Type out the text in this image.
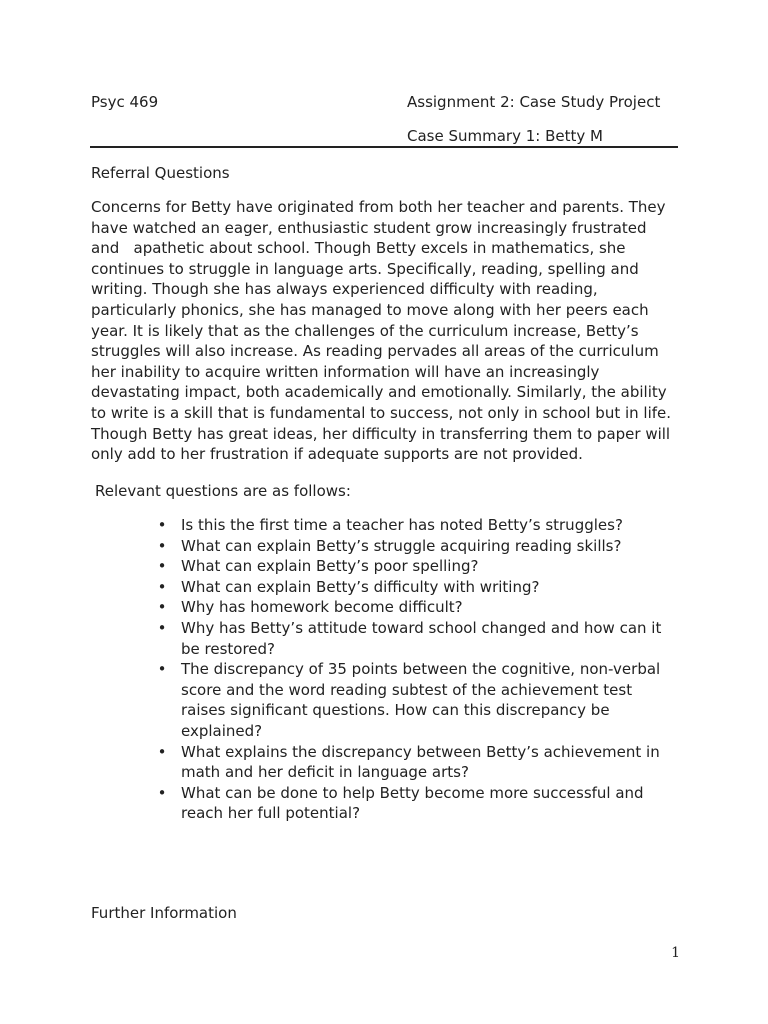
Psyc 469	Assignment 2: Case Study Project
Case Summary 1: Betty M
Referral Questions

Concerns for Betty have originated from both her teacher and parents. They
have watched an eager, enthusiastic student grow increasingly frustrated
and   apathetic about school. Though Betty excels in mathematics, she
continues to struggle in language arts. Specifically, reading, spelling and
writing. Though she has always experienced difficulty with reading,
particularly phonics, she has managed to move along with her peers each
year. It is likely that as the challenges of the curriculum increase, Betty’s
struggles will also increase. As reading pervades all areas of the curriculum
her inability to acquire written information will have an increasingly
devastating impact, both academically and emotionally. Similarly, the ability
to write is a skill that is fundamental to success, not only in school but in life.
Though Betty has great ideas, her difficulty in transferring them to paper will
only add to her frustration if adequate supports are not provided.

Relevant questions are as follows:
• Is this the first time a teacher has noted Betty’s struggles?
• What can explain Betty’s struggle acquiring reading skills?
• What can explain Betty’s poor spelling?
• What can explain Betty’s difficulty with writing?
• Why has homework become difficult?
• Why has Betty’s attitude toward school changed and how can it
be restored?
• The discrepancy of 35 points between the cognitive, non-verbal
score and the word reading subtest of the achievement test
raises significant questions. How can this discrepancy be
explained?
• What explains the discrepancy between Betty’s achievement in
math and her deficit in language arts?
• What can be done to help Betty become more successful and
reach her full potential?
Further Information
1
